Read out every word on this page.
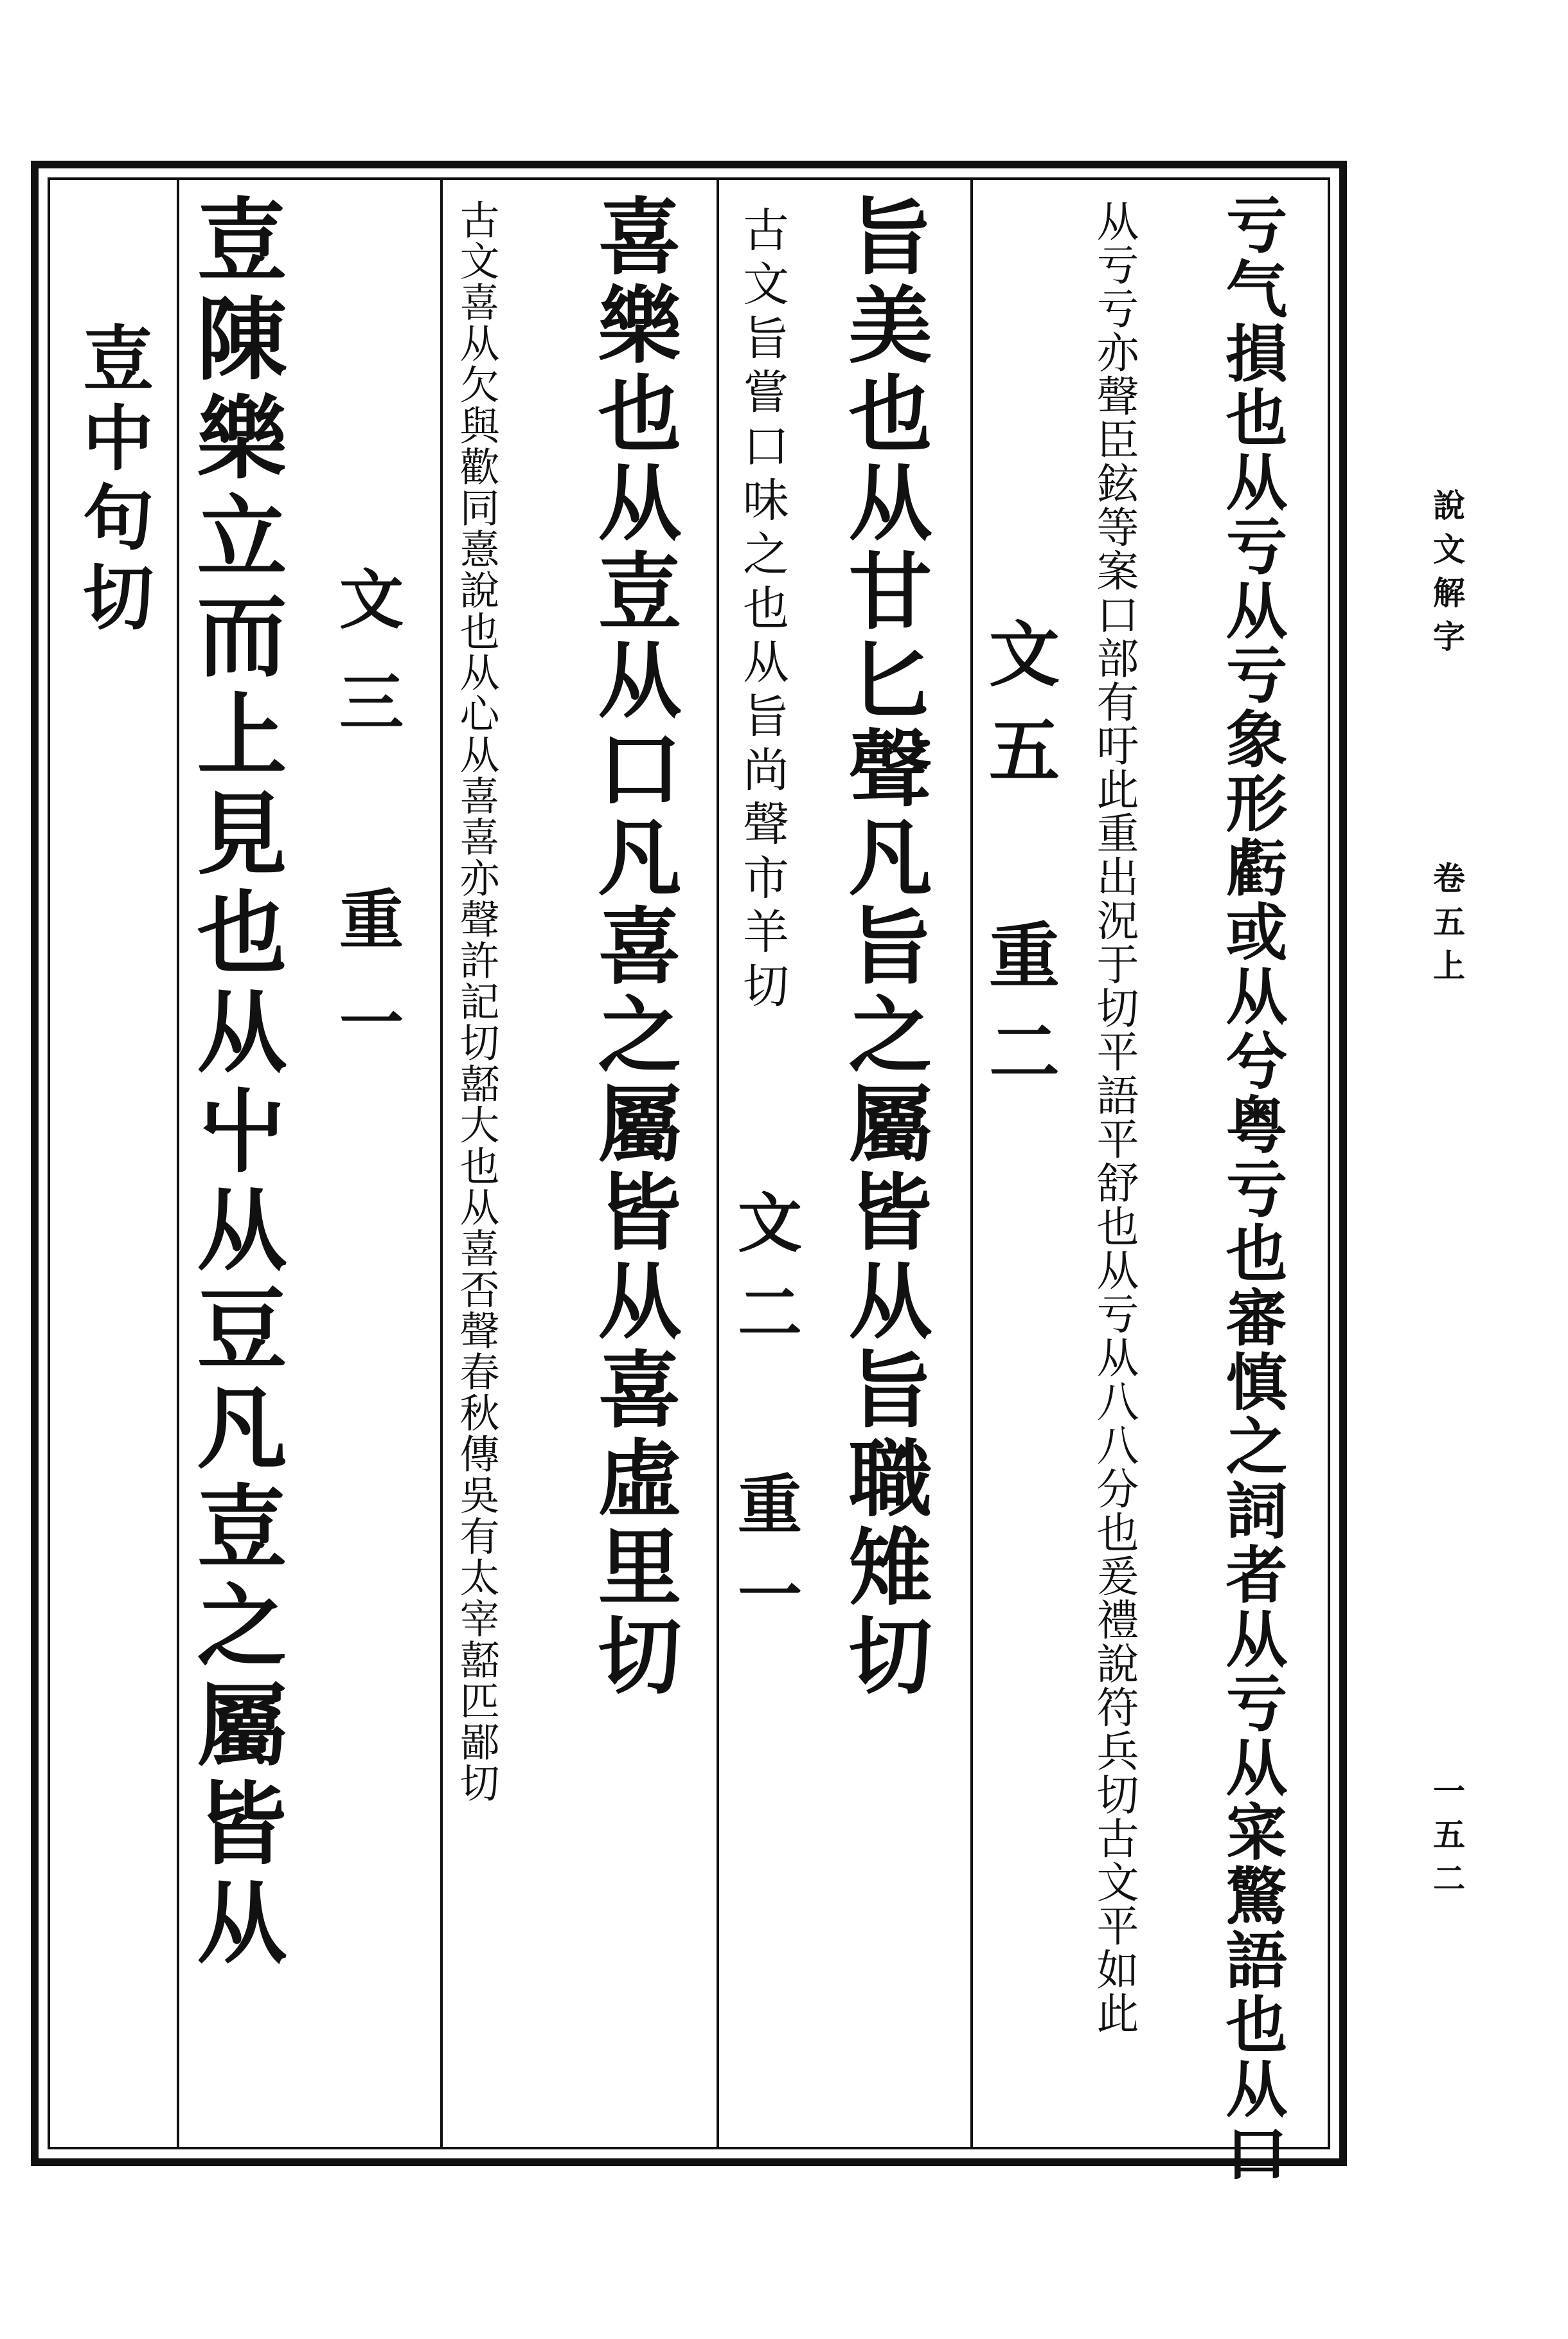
說文解字
卷五上
一五二
亏气損也从亏从亏象形虧或从兮粤亏也審慎之詞者从亏从寀驚語也从口
从亏亏亦聲臣鉉等案口部有吁此重出況于切平語平舒也从亏从八八分也爰禮說符兵切古文平如此
文五 重二
旨美也从甘匕聲凡旨之屬皆从旨職雉切
古文旨嘗口味之也从旨尚聲市羊切
文二 重一
喜樂也从壴从口凡喜之屬皆从喜虛里切
古文喜从欠與歡同憙說也从心从喜喜亦聲許記切嚭大也从喜否聲春秋傳吳有太宰嚭匹鄙切
文三 重一
壴陳樂立而上見也从屮从豆凡壴之屬皆从
壴中句切
